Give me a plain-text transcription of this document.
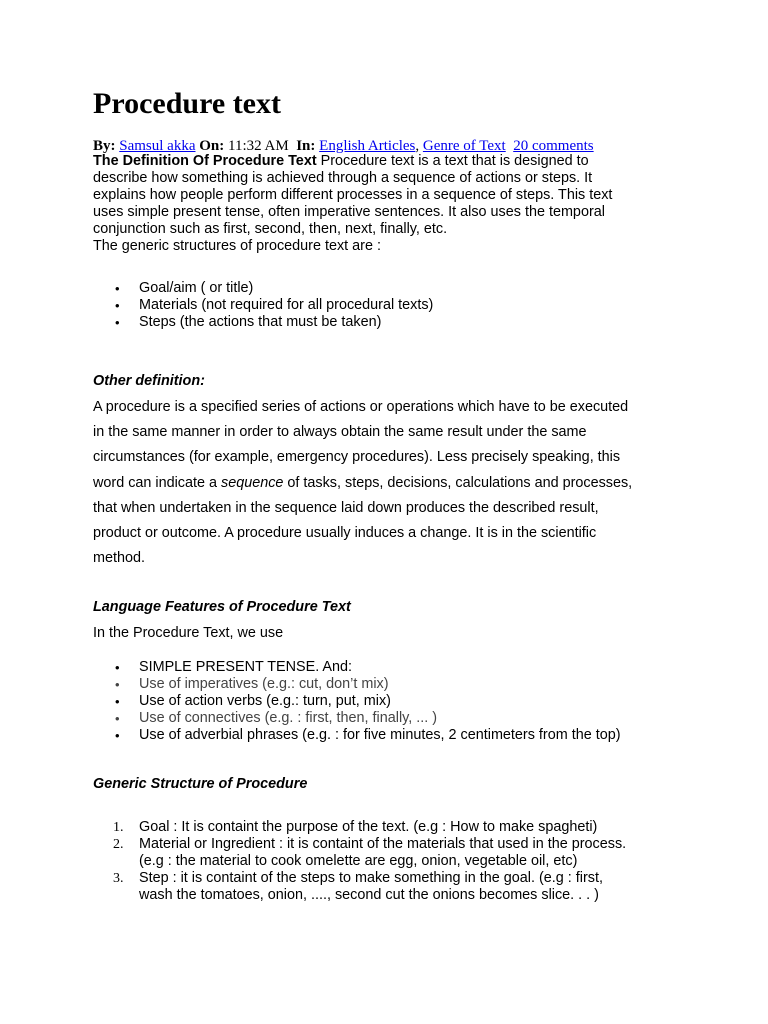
Procedure text
By: Samsul akka On: 11:32 AM In: English Articles, Genre of Text 20 comments
The Definition Of Procedure Text Procedure text is a text that is designed to
describe how something is achieved through a sequence of actions or steps. It
explains how people perform different processes in a sequence of steps. This text
uses simple present tense, often imperative sentences. It also uses the temporal
conjunction such as first, second, then, next, finally, etc.
The generic structures of procedure text are :
• Goal/aim ( or title)
• Materials (not required for all procedural texts)
• Steps (the actions that must be taken)
Other definition:
A procedure is a specified series of actions or operations which have to be executed
in the same manner in order to always obtain the same result under the same
circumstances (for example, emergency procedures). Less precisely speaking, this
word can indicate a sequence of tasks, steps, decisions, calculations and processes,
that when undertaken in the sequence laid down produces the described result,
product or outcome. A procedure usually induces a change. It is in the scientific
method.
Language Features of Procedure Text
In the Procedure Text, we use
• SIMPLE PRESENT TENSE. And:
• Use of imperatives (e.g.: cut, don’t mix)
• Use of action verbs (e.g.: turn, put, mix)
• Use of connectives (e.g. : first, then, finally, ... )
• Use of adverbial phrases (e.g. : for five minutes, 2 centimeters from the top)
Generic Structure of Procedure
1. Goal : It is containt the purpose of the text. (e.g : How to make spagheti)
2. Material or Ingredient : it is containt of the materials that used in the process.
(e.g : the material to cook omelette are egg, onion, vegetable oil, etc)
3. Step : it is containt of the steps to make something in the goal. (e.g : first,
wash the tomatoes, onion, ...., second cut the onions becomes slice. . . )
